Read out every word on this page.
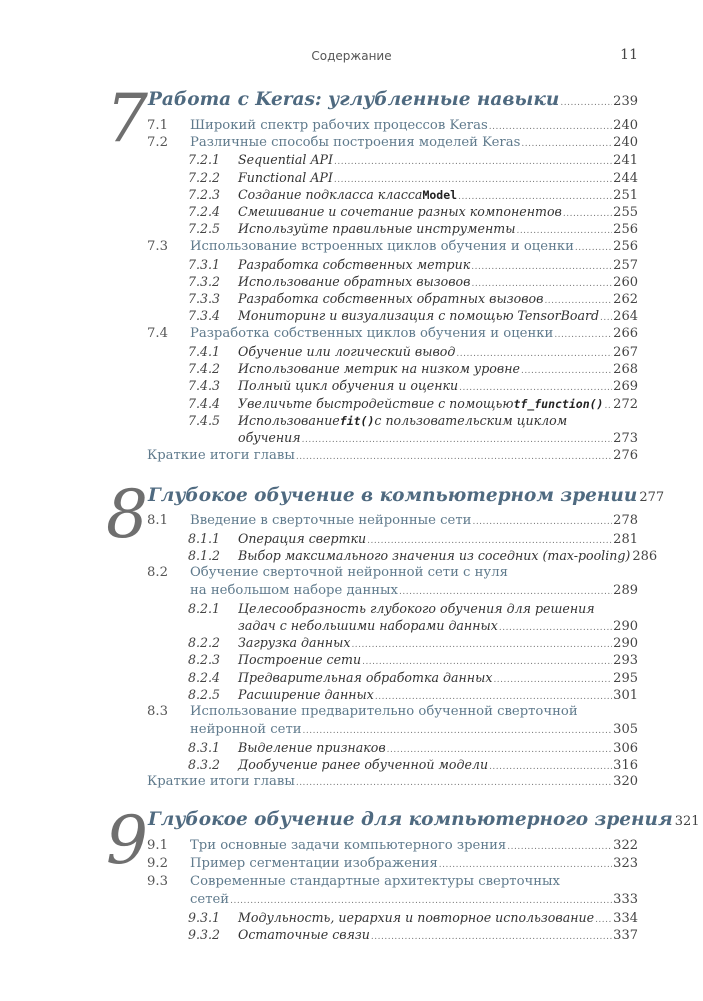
Содержание	11
7 Работа с Keras: углубленные навыки .....	239
7.1	Широкий спектр рабочих процессов Keras .....	240
7.2	Различные способы построения моделей Keras .....	240
7.2.1	Sequential API .....	241
7.2.2	Functional API .....	244
7.2.3	Создание подкласса класса Model .....	251
7.2.4	Смешивание и сочетание разных компонентов .....	255
7.2.5	Используйте правильные инструменты .....	256
7.3	Использование встроенных циклов обучения и оценки .....	256
7.3.1	Разработка собственных метрик .....	257
7.3.2	Использование обратных вызовов .....	260
7.3.3	Разработка собственных обратных вызовов .....	262
7.3.4	Мониторинг и визуализация с помощью TensorBoard ..... 264
7.4	Разработка собственных циклов обучения и оценки .....	266
7.4.1	Обучение или логический вывод .....	267
7.4.2	Использование метрик на низком уровне .....	268
7.4.3	Полный цикл обучения и оценки .....	269
7.4.4	Увеличьте быстродействие с помощью tf_function() ..... 272
7.4.5	Использование fit() с пользовательским циклом
обучения .....	273
Краткие итоги главы .....	276
8 Глубокое обучение в компьютерном зрении 277
8.1	Введение в сверточные нейронные сети .....	278
8.1.1	Операция свертки .....	281
8.1.2	Выбор максимального значения из соседних (max-pooling) 286
8.2	Обучение сверточной нейронной сети с нуля
на небольшом наборе данных .....	289
8.2.1	Целесообразность глубокого обучения для решения
задач с небольшими наборами данных .....	290
8.2.2	Загрузка данных .....	290
8.2.3	Построение сети .....	293
8.2.4	Предварительная обработка данных .....	295
8.2.5	Расширение данных .....	301
8.3	Использование предварительно обученной сверточной
нейронной сети .....	305
8.3.1	Выделение признаков .....	306
8.3.2	Дообучение ранее обученной модели .....	316
Краткие итоги главы .....	320
9 Глубокое обучение для компьютерного зрения 321
9.1	Три основные задачи компьютерного зрения .....	322
9.2	Пример сегментации изображения .....	323
9.3	Современные стандартные архитектуры сверточных
сетей .....	333
9.3.1	Модульность, иерархия и повторное использование ..... 334
9.3.2	Остаточные связи .....	337
